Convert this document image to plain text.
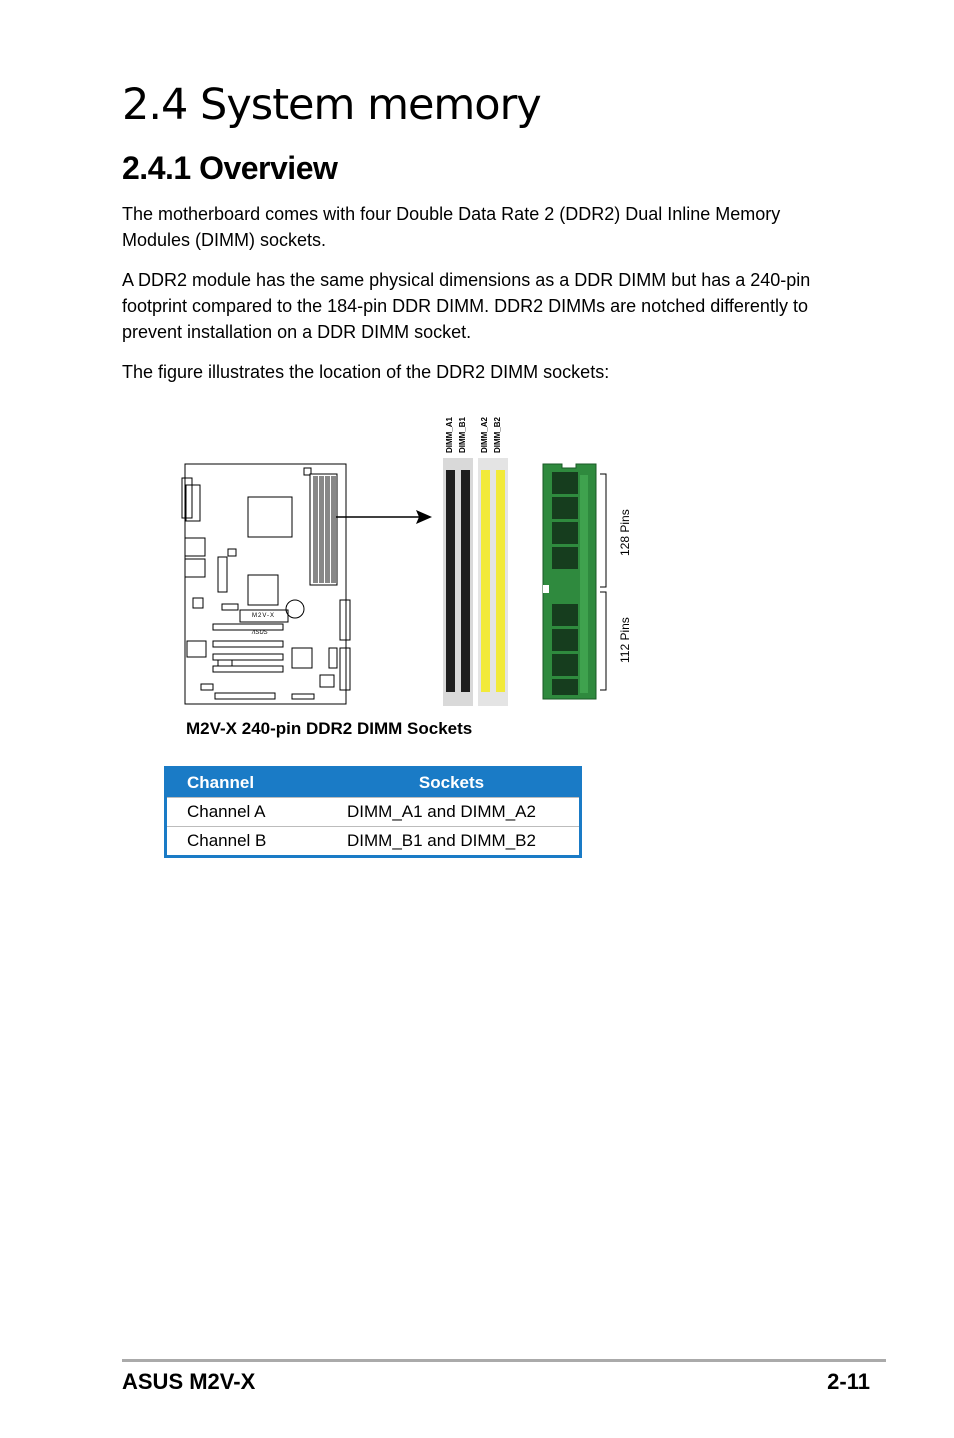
2.4 System memory
2.4.1 Overview
The motherboard comes with four Double Data Rate 2 (DDR2) Dual Inline Memory Modules (DIMM) sockets.
A DDR2 module has the same physical dimensions as a DDR DIMM but has a 240-pin footprint compared to the 184-pin DDR DIMM. DDR2 DIMMs are notched differently to prevent installation on a DDR DIMM socket.
The figure illustrates the location of the DDR2 DIMM sockets:
M2V-X
/ISUS
DIMM_A1 DIMM_B1 DIMM_A2 DIMM_B2
128 Pins
112 Pins
M2V-X 240-pin DDR2 DIMM Sockets
Channel	Sockets
Channel A	DIMM_A1 and DIMM_A2
Channel B	DIMM_B1 and DIMM_B2
ASUS M2V-X	2-11
